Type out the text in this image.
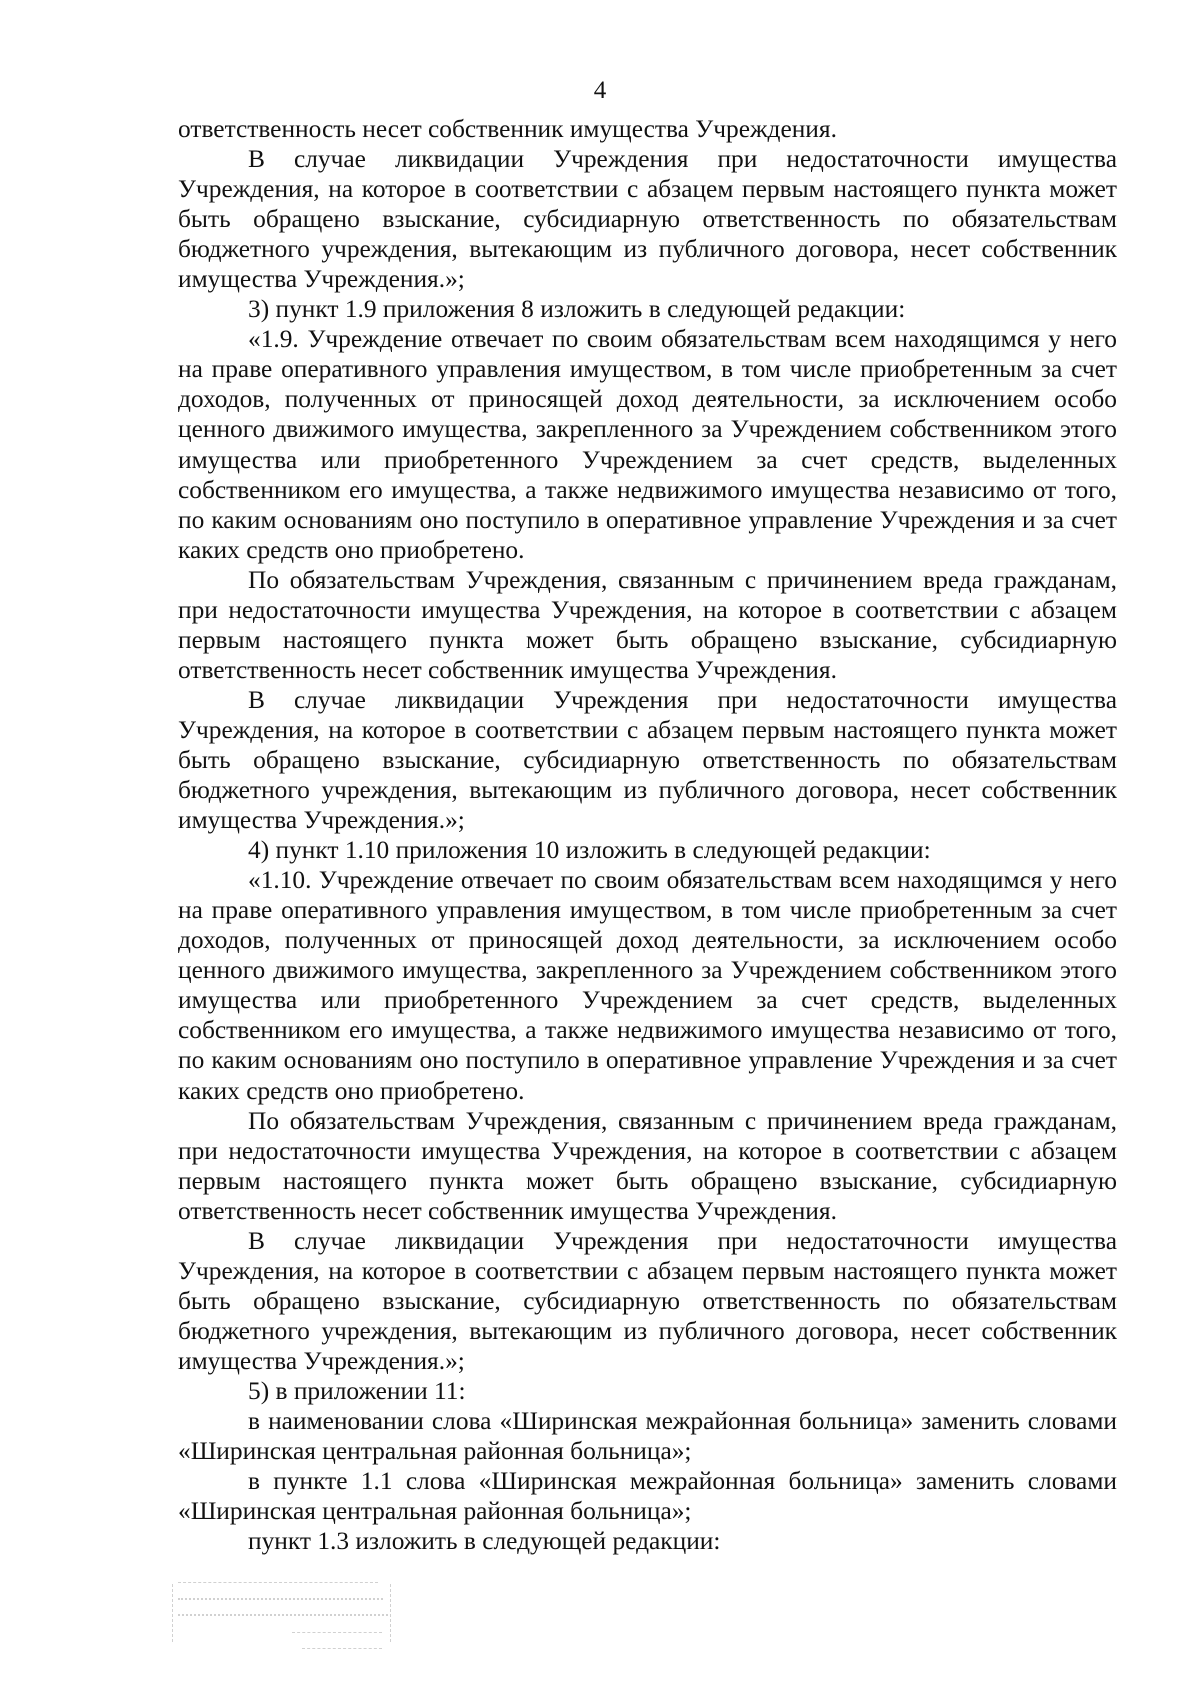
4

ответственность несет собственник имущества Учреждения.

В случае ликвидации Учреждения при недостаточности имущества Учреждения, на которое в соответствии с абзацем первым настоящего пункта может быть обращено взыскание, субсидиарную ответственность по обязательствам бюджетного учреждения, вытекающим из публичного договора, несет собственник имущества Учреждения.»;

3) пункт 1.9 приложения 8 изложить в следующей редакции:

«1.9. Учреждение отвечает по своим обязательствам всем находящимся у него на праве оперативного управления имуществом, в том числе приобретенным за счет доходов, полученных от приносящей доход деятельности, за исключением особо ценного движимого имущества, закрепленного за Учреждением собственником этого имущества или приобретенного Учреждением за счет средств, выделенных собственником его имущества, а также недвижимого имущества независимо от того, по каким основаниям оно поступило в оперативное управление Учреждения и за счет каких средств оно приобретено.

По обязательствам Учреждения, связанным с причинением вреда гражданам, при недостаточности имущества Учреждения, на которое в соответствии с абзацем первым настоящего пункта может быть обращено взыскание, субсидиарную ответственность несет собственник имущества Учреждения.

В случае ликвидации Учреждения при недостаточности имущества Учреждения, на которое в соответствии с абзацем первым настоящего пункта может быть обращено взыскание, субсидиарную ответственность по обязательствам бюджетного учреждения, вытекающим из публичного договора, несет собственник имущества Учреждения.»;

4) пункт 1.10 приложения 10 изложить в следующей редакции:

«1.10. Учреждение отвечает по своим обязательствам всем находящимся у него на праве оперативного управления имуществом, в том числе приобретенным за счет доходов, полученных от приносящей доход деятельности, за исключением особо ценного движимого имущества, закрепленного за Учреждением собственником этого имущества или приобретенного Учреждением за счет средств, выделенных собственником его имущества, а также недвижимого имущества независимо от того, по каким основаниям оно поступило в оперативное управление Учреждения и за счет каких средств оно приобретено.

По обязательствам Учреждения, связанным с причинением вреда гражданам, при недостаточности имущества Учреждения, на которое в соответствии с абзацем первым настоящего пункта может быть обращено взыскание, субсидиарную ответственность несет собственник имущества Учреждения.

В случае ликвидации Учреждения при недостаточности имущества Учреждения, на которое в соответствии с абзацем первым настоящего пункта может быть обращено взыскание, субсидиарную ответственность по обязательствам бюджетного учреждения, вытекающим из публичного договора, несет собственник имущества Учреждения.»;

5) в приложении 11:

в наименовании слова «Ширинская межрайонная больница» заменить словами «Ширинская центральная районная больница»;

в пункте 1.1 слова «Ширинская межрайонная больница» заменить словами «Ширинская центральная районная больница»;

пункт 1.3 изложить в следующей редакции:
